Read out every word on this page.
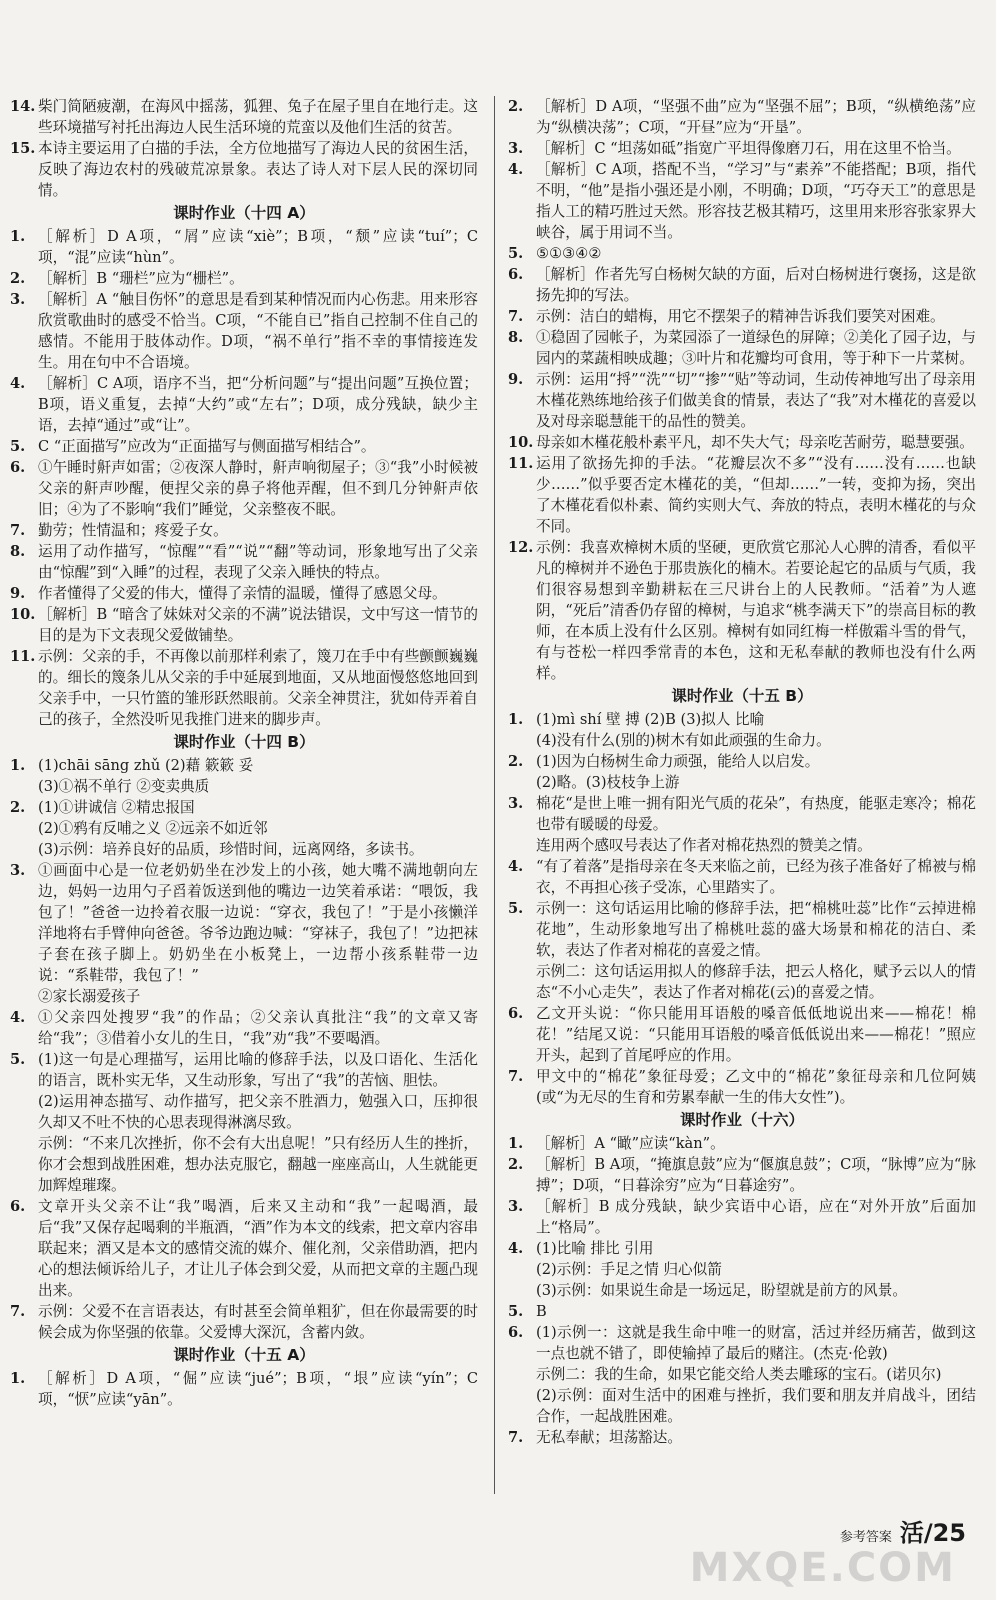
14. 柴门简陋疲潮，在海风中摇荡，狐狸、兔子在屋子里自在地行走。这些环境描写衬托出海边人民生活环境的荒蛮以及他们生活的贫苦。
15. 本诗主要运用了白描的手法，全方位地描写了海边人民的贫困生活，反映了海边农村的残破荒凉景象。表达了诗人对下层人民的深切同情。
课时作业（十四 A）
1. ［解析］D A项，“屑”应读“xiè”；B项，“颓”应读“tuí”；C项，“混”应读“hùn”。
2. ［解析］B “珊栏”应为“栅栏”。
3. ［解析］A “触目伤怀”的意思是看到某种情况而内心伤悲。用来形容欣赏歌曲时的感受不恰当。C项，“不能自已”指自己控制不住自己的感情。不能用于肢体动作。D项，“祸不单行”指不幸的事情接连发生。用在句中不合语境。
4. ［解析］C A项，语序不当，把“分析问题”与“提出问题”互换位置；B项，语义重复，去掉“大约”或“左右”；D项，成分残缺，缺少主语，去掉“通过”或“让”。
5. C “正面描写”应改为“正面描写与侧面描写相结合”。
6. ①午睡时鼾声如雷；②夜深人静时，鼾声响彻屋子；③“我”小时候被父亲的鼾声吵醒，便捏父亲的鼻子将他弄醒，但不到几分钟鼾声依旧；④为了不影响“我们”睡觉，父亲整夜不眠。
7. 勤劳；性情温和；疼爱子女。
8. 运用了动作描写，“惊醒”“看”“说”“翻”等动词，形象地写出了父亲由“惊醒”到“入睡”的过程，表现了父亲入睡快的特点。
9. 作者懂得了父爱的伟大，懂得了亲情的温暖，懂得了感恩父母。
10. ［解析］B “暗含了妹妹对父亲的不满”说法错误，文中写这一情节的目的是为下文表现父爱做铺垫。
11. 示例：父亲的手，不再像以前那样利索了，篾刀在手中有些颤颤巍巍的。细长的篾条儿从父亲的手中延展到地面，又从地面慢悠悠地回到父亲手中，一只竹篮的雏形跃然眼前。父亲全神贯注，犹如侍弄着自己的孩子，全然没听见我推门进来的脚步声。
课时作业（十四 B）
1. (1)chāi sāng zhǔ (2)藉 簌簌 妥
(3)①祸不单行 ②变卖典质
2. (1)①讲诚信 ②精忠报国
(2)①鸦有反哺之义 ②远亲不如近邻
(3)示例：培养良好的品质，珍惜时间，远离网络，多读书。
3. ①画面中心是一位老奶奶坐在沙发上的小孩，她大嘴不满地朝向左边，妈妈一边用勺子舀着饭送到他的嘴边一边笑着承诺：“喂饭，我包了！”爸爸一边拎着衣服一边说：“穿衣，我包了！”于是小孩懒洋洋地将右手臂伸向爸爸。爷爷边跑边喊：“穿袜子，我包了！”边把袜子套在孩子脚上。奶奶坐在小板凳上，一边帮小孩系鞋带一边说：“系鞋带，我包了！”
②家长溺爱孩子
4. ①父亲四处搜罗“我”的作品；②父亲认真批注“我”的文章又寄给“我”；③借着小女儿的生日，“我”劝“我”不要喝酒。
5. (1)这一句是心理描写，运用比喻的修辞手法，以及口语化、生活化的语言，既朴实无华，又生动形象，写出了“我”的苦恼、胆怯。
(2)运用神态描写、动作描写，把父亲不胜酒力，勉强入口，压抑很久却又不吐不快的心思表现得淋漓尽致。
示例：“不来几次挫折，你不会有大出息呢！”只有经历人生的挫折，你才会想到战胜困难，想办法克服它，翻越一座座高山，人生就能更加辉煌璀璨。
6. 文章开头父亲不让“我”喝酒，后来又主动和“我”一起喝酒，最后“我”又保存起喝剩的半瓶酒，“酒”作为本文的线索，把文章内容串联起来；酒又是本文的感情交流的媒介、催化剂，父亲借助酒，把内心的想法倾诉给儿子，才让儿子体会到父爱，从而把文章的主题凸现出来。
7. 示例：父爱不在言语表达，有时甚至会简单粗犷，但在你最需要的时候会成为你坚强的依靠。父爱博大深沉，含蓄内敛。
课时作业（十五 A）
1. ［解析］D A项，“倔”应读“jué”；B项，“垠”应读“yín”；C项，“恹”应读“yān”。
2. ［解析］D A项，“坚强不曲”应为“坚强不屈”；B项，“纵横绝荡”应为“纵横决荡”；C项，“开昼”应为“开垦”。
3. ［解析］C “坦荡如砥”指宽广平坦得像磨刀石，用在这里不恰当。
4. ［解析］C A项，搭配不当，“学习”与“素养”不能搭配；B项，指代不明，“他”是指小强还是小刚，不明确；D项，“巧夺天工”的意思是指人工的精巧胜过天然。形容技艺极其精巧，这里用来形容张家界大峡谷，属于用词不当。
5. ⑤①③④②
6. ［解析］作者先写白杨树欠缺的方面，后对白杨树进行褒扬，这是欲扬先抑的写法。
7. 示例：洁白的蜡梅，用它不摆架子的精神告诉我们要笑对困难。
8. ①稳固了园帐子，为菜园添了一道绿色的屏障；②美化了园子边，与园内的菜蔬相映成趣；③叶片和花瓣均可食用，等于种下一片菜树。
9. 示例：运用“捋”“洗”“切”“掺”“贴”等动词，生动传神地写出了母亲用木槿花熟练地给孩子们做美食的情景，表达了“我”对木槿花的喜爱以及对母亲聪慧能干的品性的赞美。
10. 母亲如木槿花般朴素平凡，却不失大气；母亲吃苦耐劳，聪慧要强。
11. 运用了欲扬先抑的手法。“花瓣层次不多”“没有……没有……也缺少……”似乎要否定木槿花的美，“但却……”一转，变抑为扬，突出了木槿花看似朴素、简约实则大气、奔放的特点，表明木槿花的与众不同。
12. 示例：我喜欢樟树木质的坚硬，更欣赏它那沁人心脾的清香，看似平凡的樟树并不逊色于那贵族化的楠木。若要论起它的品质与气质，我们很容易想到辛勤耕耘在三尺讲台上的人民教师。“活着”为人遮阴，“死后”清香仍存留的樟树，与追求“桃李满天下”的崇高目标的教师，在本质上没有什么区别。樟树有如同红梅一样傲霜斗雪的骨气，有与苍松一样四季常青的本色，这和无私奉献的教师也没有什么两样。
课时作业（十五 B）
1. (1)mì shí 壁 搏 (2)B (3)拟人 比喻
(4)没有什么(别的)树木有如此顽强的生命力。
2. (1)因为白杨树生命力顽强，能给人以启发。
(2)略。(3)枝枝争上游
3. 棉花“是世上唯一拥有阳光气质的花朵”，有热度，能驱走寒冷；棉花也带有暖暖的母爱。
连用两个感叹号表达了作者对棉花热烈的赞美之情。
4. “有了着落”是指母亲在冬天来临之前，已经为孩子准备好了棉被与棉衣，不再担心孩子受冻，心里踏实了。
5. 示例一：这句话运用比喻的修辞手法，把“棉桃吐蕊”比作“云掉进棉花地”，生动形象地写出了棉桃吐蕊的盛大场景和棉花的洁白、柔软，表达了作者对棉花的喜爱之情。
示例二：这句话运用拟人的修辞手法，把云人格化，赋予云以人的情态“不小心走失”，表达了作者对棉花(云)的喜爱之情。
6. 乙文开头说：“你只能用耳语般的嗓音低低地说出来——棉花！棉花！”结尾又说：“只能用耳语般的嗓音低低说出来——棉花！”照应开头，起到了首尾呼应的作用。
7. 甲文中的“棉花”象征母爱；乙文中的“棉花”象征母亲和几位阿姨(或“为无尽的生育和劳累奉献一生的伟大女性”)。
课时作业（十六）
1. ［解析］A “瞰”应读“kàn”。
2. ［解析］B A项，“掩旗息鼓”应为“偃旗息鼓”；C项，“脉博”应为“脉搏”；D项，“日暮涂穷”应为“日暮途穷”。
3. ［解析］B 成分残缺，缺少宾语中心语，应在“对外开放”后面加上“格局”。
4. (1)比喻 排比 引用
(2)示例：手足之情 归心似箭
(3)示例：如果说生命是一场远足，盼望就是前方的风景。
5. B
6. (1)示例一：这就是我生命中唯一的财富，活过并经历痛苦，做到这一点也就不错了，即使输掉了最后的赌注。(杰克·伦敦)
示例二：我的生命，如果它能交给人类去雕琢的宝石。(诺贝尔)
(2)示例：面对生活中的困难与挫折，我们要和朋友并肩战斗，团结合作，一起战胜困难。
7. 无私奉献；坦荡豁达。
参考答案 活/25
MXQE.COM
